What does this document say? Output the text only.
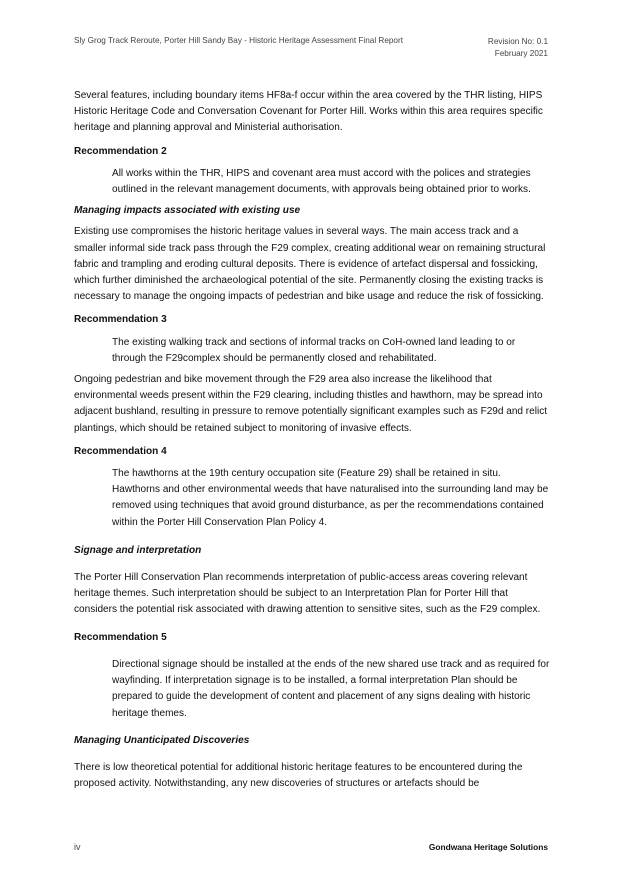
Sly Grog Track Reroute, Porter Hill Sandy Bay - Historic Heritage Assessment Final Report	Revision No: 0.1
February 2021

Several features, including boundary items HF8a-f occur within the area covered by the THR listing, HIPS Historic Heritage Code and Conversation Covenant for Porter Hill. Works within this area requires specific heritage and planning approval and Ministerial authorisation.

Recommendation 2

All works within the THR, HIPS and covenant area must accord with the polices and strategies outlined in the relevant management documents, with approvals being obtained prior to works.

Managing impacts associated with existing use

Existing use compromises the historic heritage values in several ways. The main access track and a smaller informal side track pass through the F29 complex, creating additional wear on remaining structural fabric and trampling and eroding cultural deposits. There is evidence of artefact dispersal and fossicking, which further diminished the archaeological potential of the site. Permanently closing the existing tracks is necessary to manage the ongoing impacts of pedestrian and bike usage and reduce the risk of fossicking.

Recommendation 3

The existing walking track and sections of informal tracks on CoH-owned land leading to or through the F29complex should be permanently closed and rehabilitated.

Ongoing pedestrian and bike movement through the F29 area also increase the likelihood that environmental weeds present within the F29 clearing, including thistles and hawthorn, may be spread into adjacent bushland, resulting in pressure to remove potentially significant examples such as F29d and relict plantings, which should be retained subject to monitoring of invasive effects.

Recommendation 4

The hawthorns at the 19th century occupation site (Feature 29) shall be retained in situ. Hawthorns and other environmental weeds that have naturalised into the surrounding land may be removed using techniques that avoid ground disturbance, as per the recommendations contained within the Porter Hill Conservation Plan Policy 4.

Signage and interpretation

The Porter Hill Conservation Plan recommends interpretation of public-access areas covering relevant heritage themes. Such interpretation should be subject to an Interpretation Plan for Porter Hill that considers the potential risk associated with drawing attention to sensitive sites, such as the F29 complex.

Recommendation 5

Directional signage should be installed at the ends of the new shared use track and as required for wayfinding. If interpretation signage is to be installed, a formal interpretation Plan should be prepared to guide the development of content and placement of any signs dealing with historic heritage themes.

Managing Unanticipated Discoveries

There is low theoretical potential for additional historic heritage features to be encountered during the proposed activity. Notwithstanding, any new discoveries of structures or artefacts should be

iv	Gondwana Heritage Solutions
